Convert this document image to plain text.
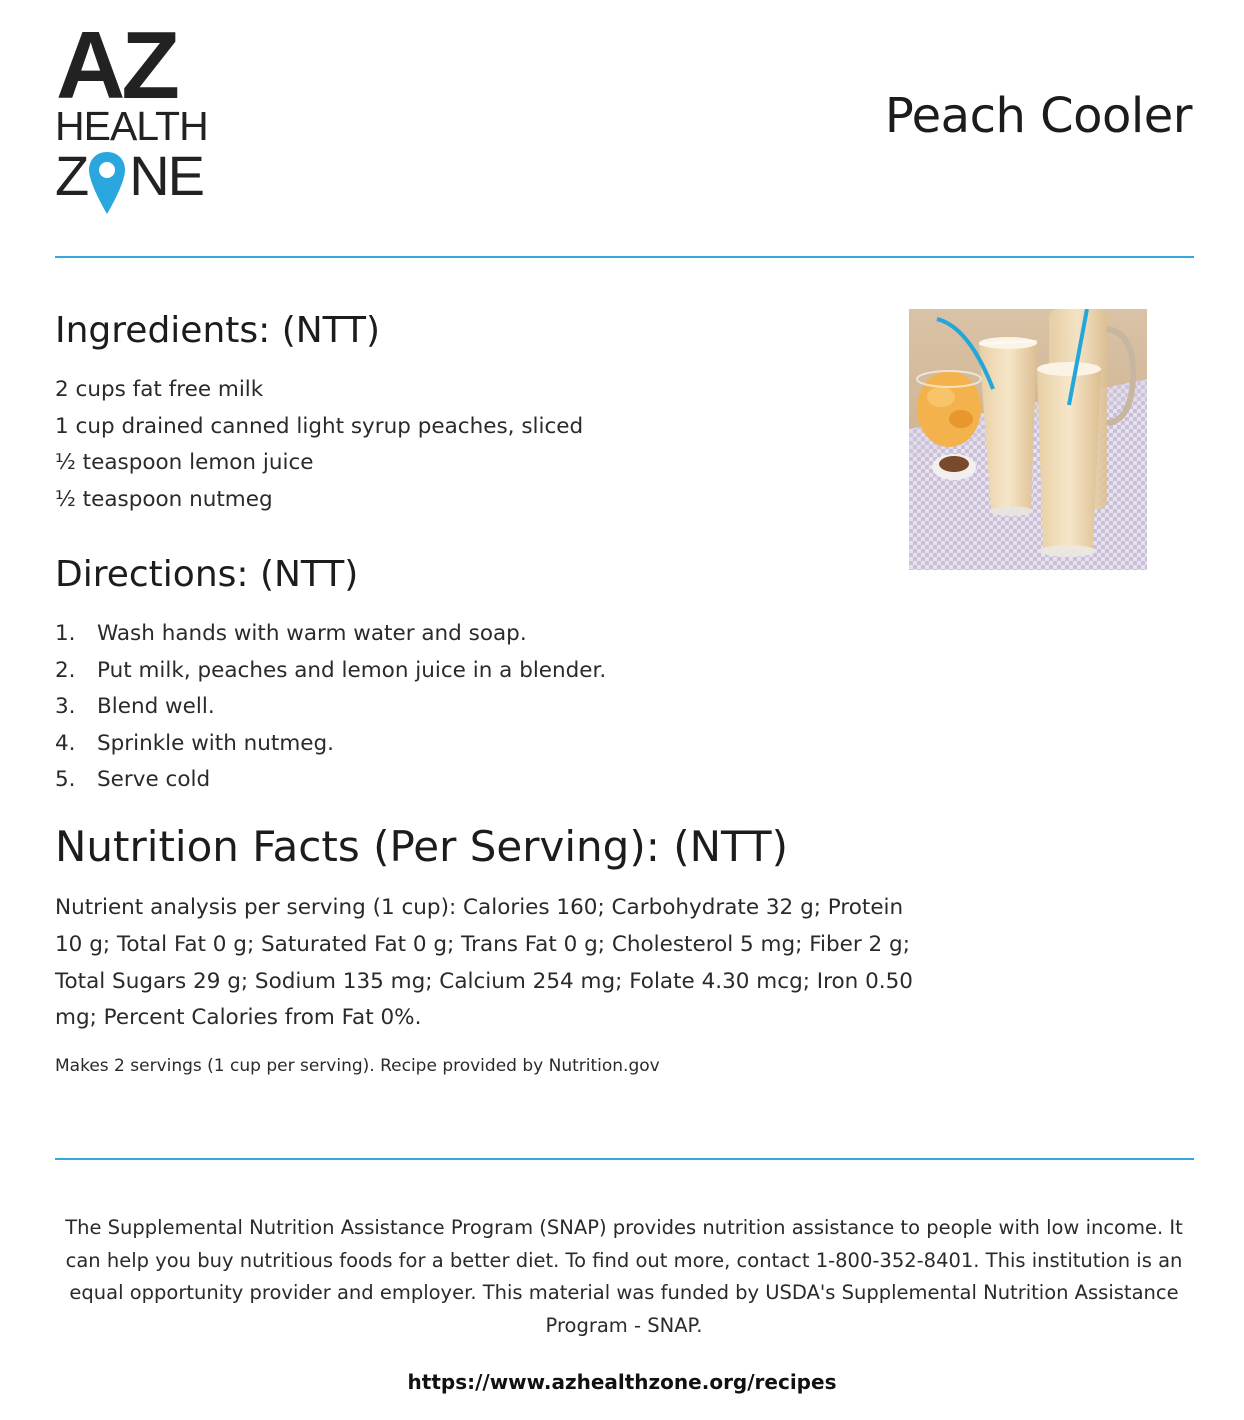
AZ
HEALTH
Z NE
Peach Cooler
Ingredients: (NTT)
2 cups fat free milk
1 cup drained canned light syrup peaches, sliced
½ teaspoon lemon juice
½ teaspoon nutmeg
Directions: (NTT)
1. Wash hands with warm water and soap.
2. Put milk, peaches and lemon juice in a blender.
3. Blend well.
4. Sprinkle with nutmeg.
5. Serve cold
Nutrition Facts (Per Serving): (NTT)

Nutrient analysis per serving (1 cup): Calories 160; Carbohydrate 32 g; Protein 10 g; Total Fat 0 g; Saturated Fat 0 g; Trans Fat 0 g; Cholesterol 5 mg; Fiber 2 g; Total Sugars 29 g; Sodium 135 mg; Calcium 254 mg; Folate 4.30 mcg; Iron 0.50 mg; Percent Calories from Fat 0%.

Makes 2 servings (1 cup per serving). Recipe provided by Nutrition.gov

The Supplemental Nutrition Assistance Program (SNAP) provides nutrition assistance to people with low income. It can help you buy nutritious foods for a better diet. To find out more, contact 1-800-352-8401. This institution is an equal opportunity provider and employer. This material was funded by USDA's Supplemental Nutrition Assistance Program - SNAP.

https://www.azhealthzone.org/recipes
